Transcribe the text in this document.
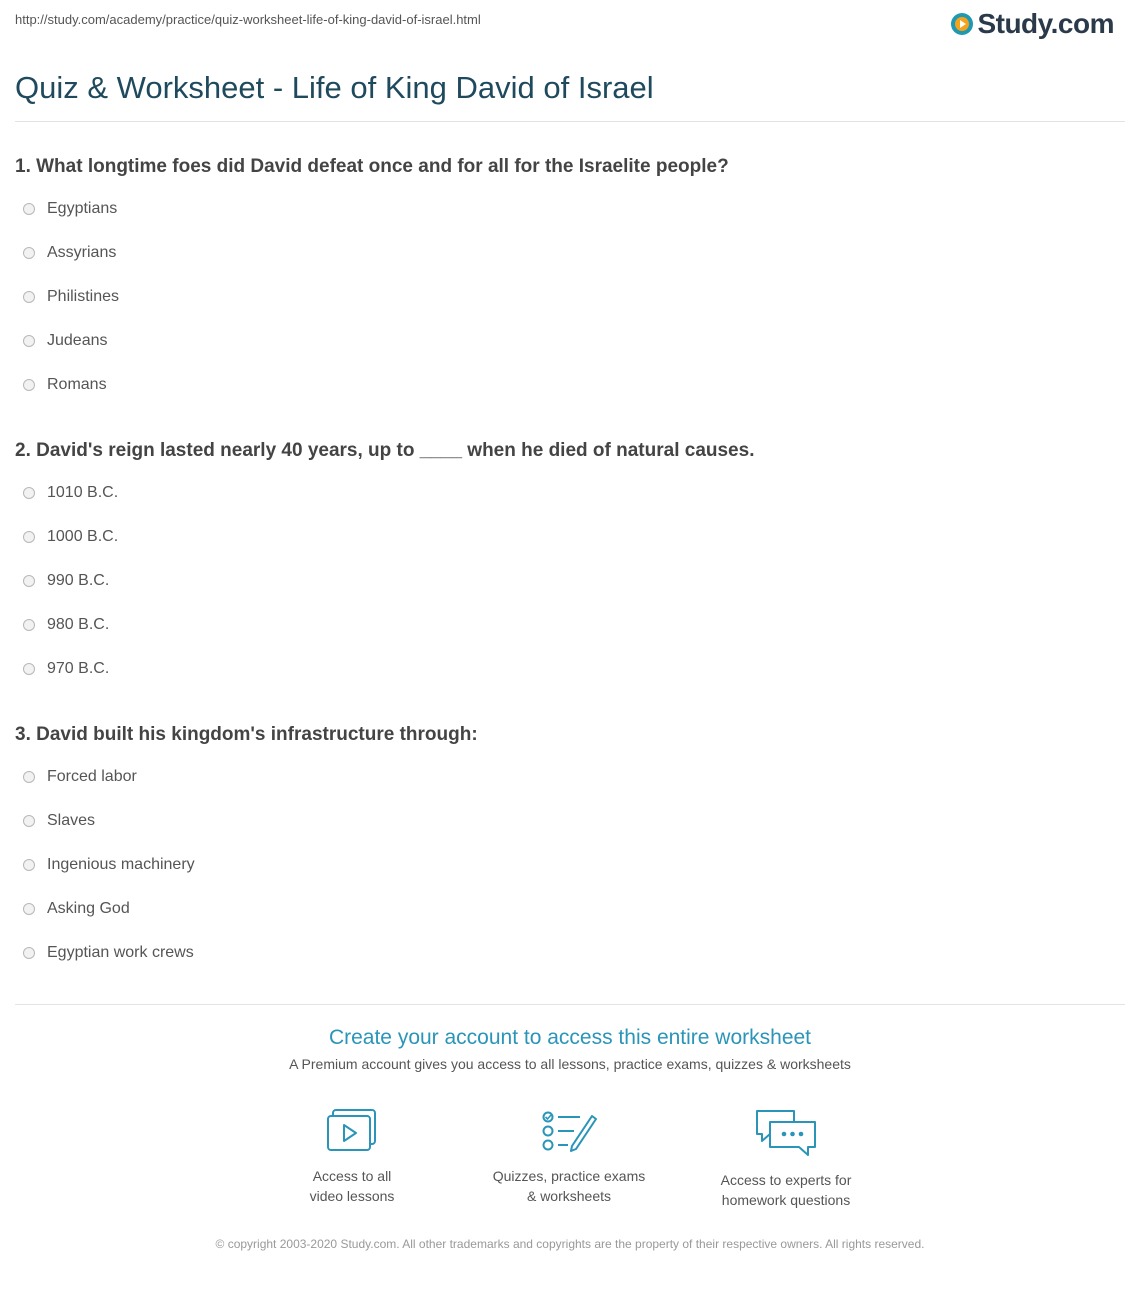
http://study.com/academy/practice/quiz-worksheet-life-of-king-david-of-israel.html	Study.com
Quiz & Worksheet - Life of King David of Israel
1. What longtime foes did David defeat once and for all for the Israelite people?
Egyptians
Assyrians
Philistines
Judeans
Romans
2. David's reign lasted nearly 40 years, up to ____ when he died of natural causes.
1010 B.C.
1000 B.C.
990 B.C.
980 B.C.
970 B.C.
3. David built his kingdom's infrastructure through:
Forced labor
Slaves
Ingenious machinery
Asking God
Egyptian work crews
Create your account to access this entire worksheet
A Premium account gives you access to all lessons, practice exams, quizzes & worksheets
Access to all
video lessons
Quizzes, practice exams
& worksheets
Access to experts for
homework questions
© copyright 2003-2020 Study.com. All other trademarks and copyrights are the property of their respective owners. All rights reserved.
